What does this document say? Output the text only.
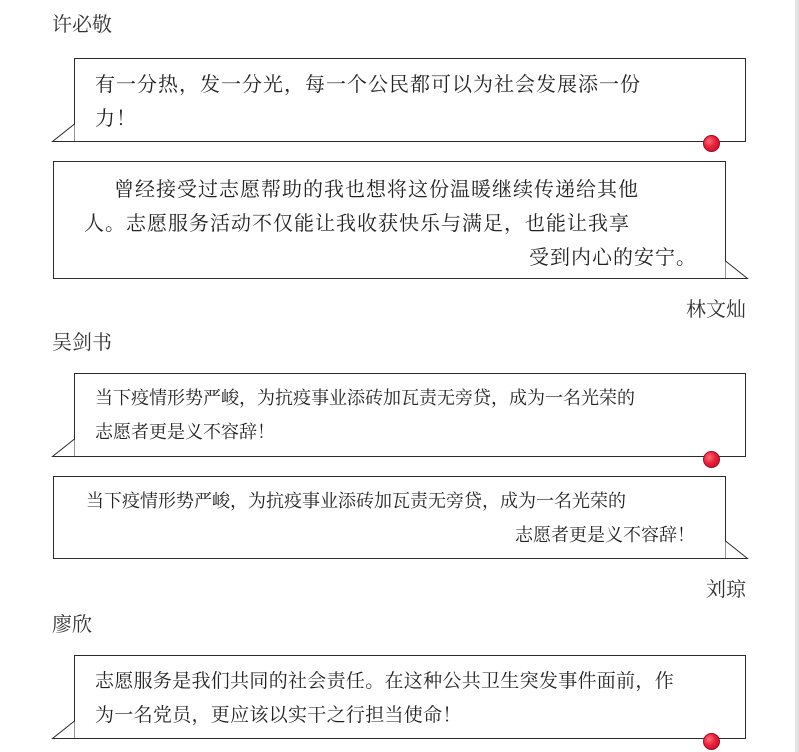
许必敬

有一分热，发一分光，每一个公民都可以为社会发展添一份
力！

曾经接受过志愿帮助的我也想将这份温暖继续传递给其他

人。志愿服务活动不仅能让我收获快乐与满足，也能让我享

受到内心的安宁。

林文灿
吴剑书

当下疫情形势严峻，为抗疫事业添砖加瓦责无旁贷，成为一名光荣的
志愿者更是义不容辞！

当下疫情形势严峻，为抗疫事业添砖加瓦责无旁贷，成为一名光荣的

志愿者更是义不容辞！

刘琼
廖欣

志愿服务是我们共同的社会责任。在这种公共卫生突发事件面前，作
为一名党员，更应该以实干之行担当使命！
